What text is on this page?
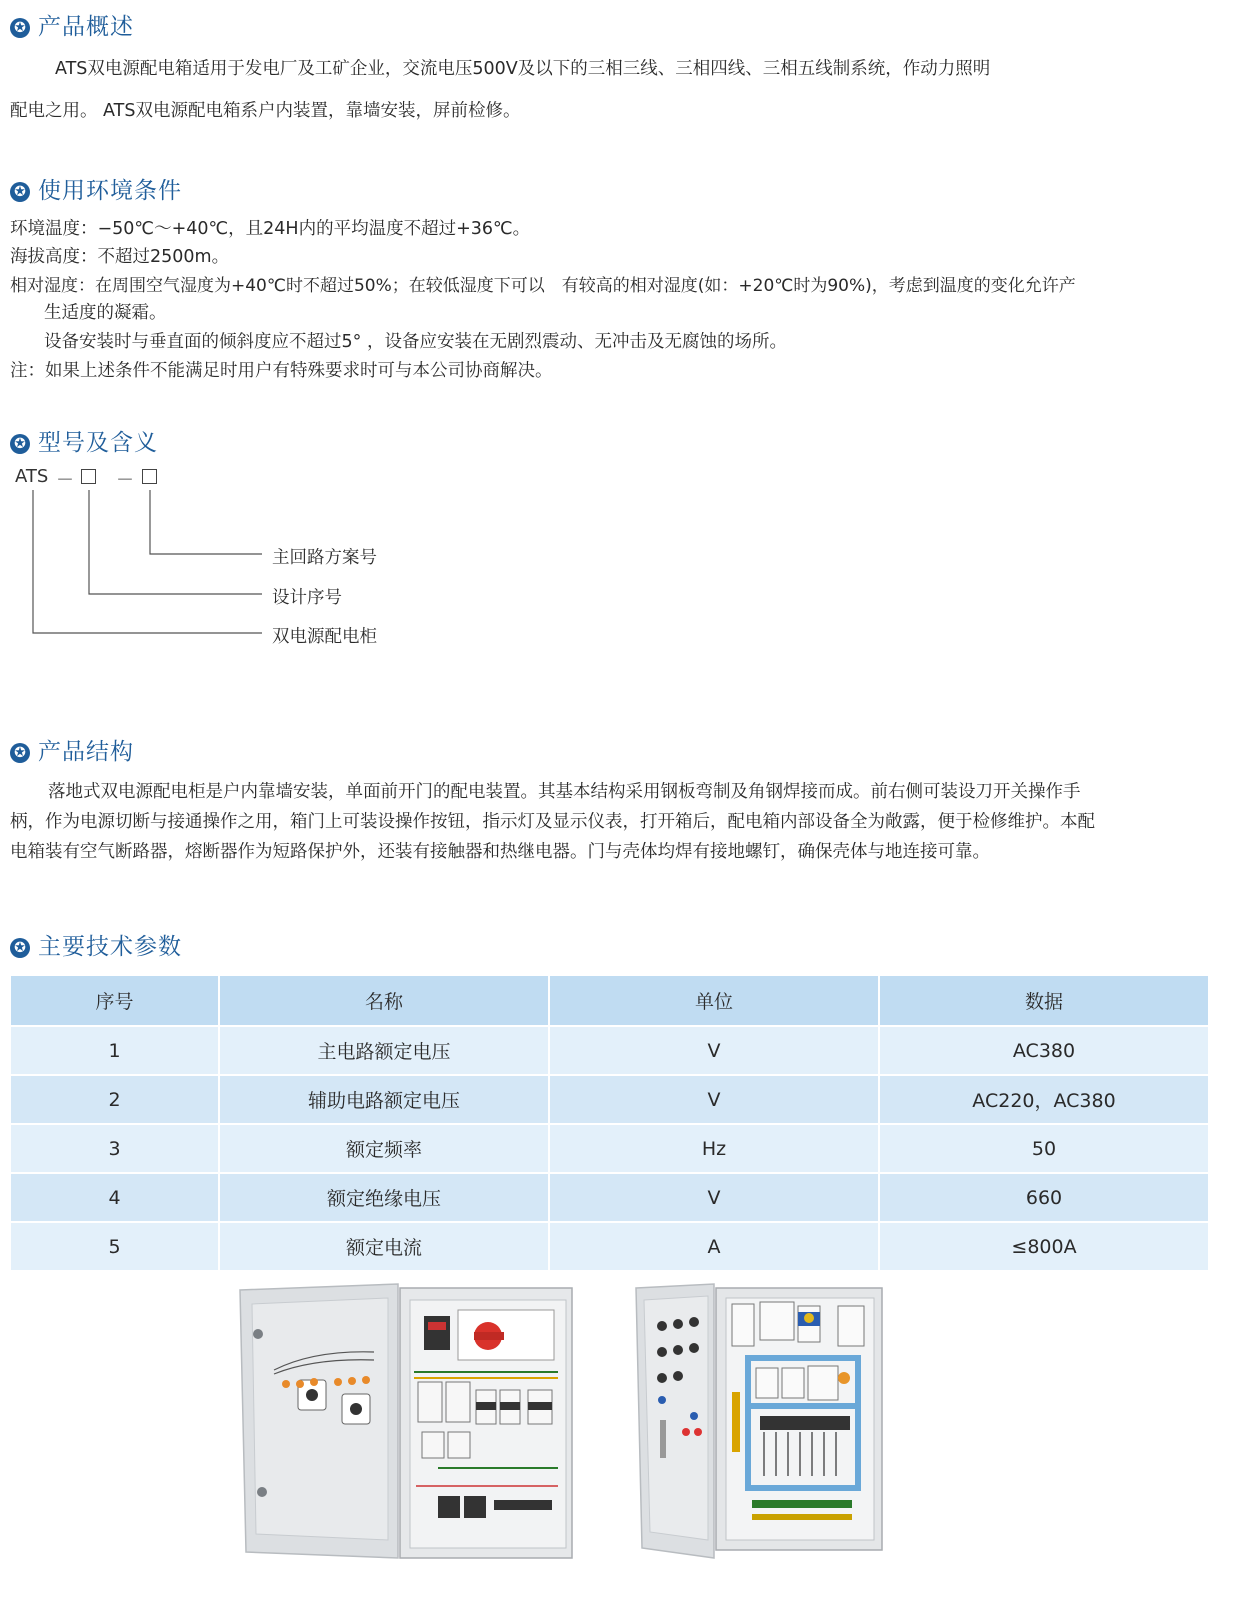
✪ 产品概述
ATS双电源配电箱适用于发电厂及工矿企业，交流电压500V及以下的三相三线、三相四线、三相五线制系统，作动力照明
配电之用。 ATS双电源配电箱系户内装置，靠墙安装，屏前检修。
✪ 使用环境条件
环境温度：−50℃～+40℃，且24H内的平均温度不超过+36℃。
海拔高度：不超过2500m。
相对湿度：在周围空气湿度为+40℃时不超过50%；在较低湿度下可以　有较高的相对湿度(如：+20℃时为90%)，考虑到温度的变化允许产
生适度的凝霜。
设备安装时与垂直面的倾斜度应不超过5° ，设备应安装在无剧烈震动、无冲击及无腐蚀的场所。
注：如果上述条件不能满足时用户有特殊要求时可与本公司协商解决。
✪ 型号及含义
ATS － －
主回路方案号
设计序号
双电源配电柜
✪ 产品结构
落地式双电源配电柜是户内靠墙安装，单面前开门的配电装置。其基本结构采用钢板弯制及角钢焊接而成。前右侧可装设刀开关操作手
柄，作为电源切断与接通操作之用，箱门上可装设操作按钮，指示灯及显示仪表，打开箱后，配电箱内部设备全为敞露，便于检修维护。本配
电箱装有空气断路器，熔断器作为短路保护外，还装有接触器和热继电器。门与壳体均焊有接地螺钉，确保壳体与地连接可靠。
✪ 主要技术参数
序号	名称	单位	数据
1	主电路额定电压	V	AC380
2	辅助电路额定电压	V	AC220，AC380
3	额定频率	Hz	50
4	额定绝缘电压	V	660
5	额定电流	A	≤800A
